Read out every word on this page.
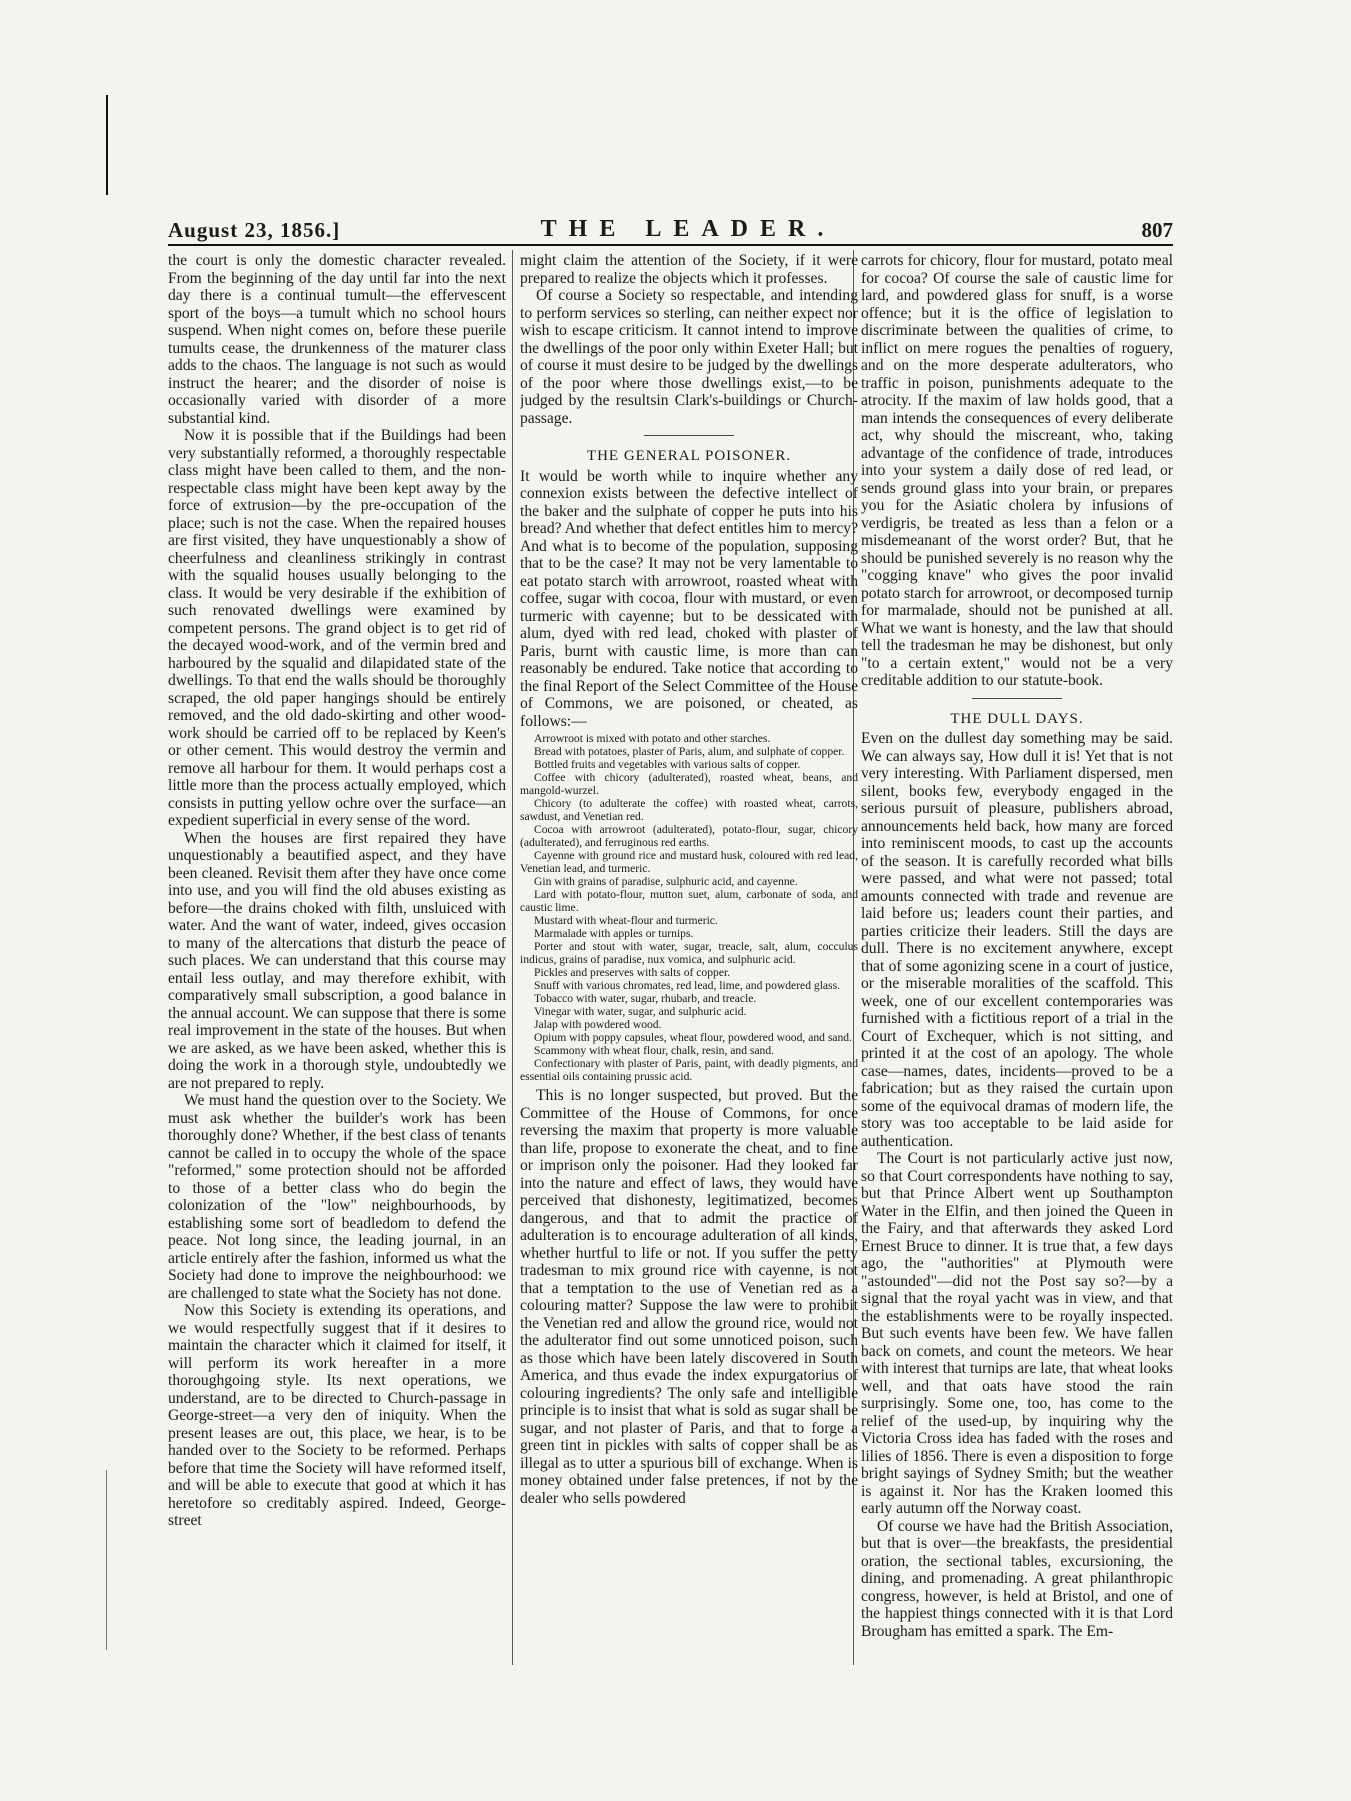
August 23, 1856.]	THE LEADER.	807

the court is only the domestic character revealed. From the beginning of the day until far into the next day there is a continual tumult—the effervescent sport of the boys—a tumult which no school hours suspend. When night comes on, before these puerile tumults cease, the drunkenness of the maturer class adds to the chaos. The language is not such as would instruct the hearer; and the disorder of noise is occasionally varied with disorder of a more substantial kind.

Now it is possible that if the Buildings had been very substantially reformed, a thoroughly respectable class might have been called to them, and the non-respectable class might have been kept away by the force of extrusion—by the pre-occupation of the place; such is not the case. When the repaired houses are first visited, they have unquestionably a show of cheerfulness and cleanliness strikingly in contrast with the squalid houses usually belonging to the class. It would be very desirable if the exhibition of such renovated dwellings were examined by competent persons. The grand object is to get rid of the decayed wood-work, and of the vermin bred and harboured by the squalid and dilapidated state of the dwellings. To that end the walls should be thoroughly scraped, the old paper hangings should be entirely removed, and the old dado-skirting and other wood-work should be carried off to be replaced by Keen's or other cement. This would destroy the vermin and remove all harbour for them. It would perhaps cost a little more than the process actually employed, which consists in putting yellow ochre over the surface—an expedient superficial in every sense of the word.

When the houses are first repaired they have unquestionably a beautified aspect, and they have been cleaned. Revisit them after they have once come into use, and you will find the old abuses existing as before—the drains choked with filth, unsluiced with water. And the want of water, indeed, gives occasion to many of the altercations that disturb the peace of such places. We can understand that this course may entail less outlay, and may therefore exhibit, with comparatively small subscription, a good balance in the annual account. We can suppose that there is some real improvement in the state of the houses. But when we are asked, as we have been asked, whether this is doing the work in a thorough style, undoubtedly we are not prepared to reply.

We must hand the question over to the Society. We must ask whether the builder's work has been thoroughly done? Whether, if the best class of tenants cannot be called in to occupy the whole of the space "reformed," some protection should not be afforded to those of a better class who do begin the colonization of the "low" neighbourhoods, by establishing some sort of beadledom to defend the peace. Not long since, the leading journal, in an article entirely after the fashion, informed us what the Society had done to improve the neighbourhood: we are challenged to state what the Society has not done.

Now this Society is extending its operations, and we would respectfully suggest that if it desires to maintain the character which it claimed for itself, it will perform its work hereafter in a more thoroughgoing style. Its next operations, we understand, are to be directed to Church-passage in George-street—a very den of iniquity. When the present leases are out, this place, we hear, is to be handed over to the Society to be reformed. Perhaps before that time the Society will have reformed itself, and will be able to execute that good at which it has heretofore so creditably aspired. Indeed, George-street

might claim the attention of the Society, if it were prepared to realize the objects which it professes.

Of course a Society so respectable, and intending to perform services so sterling, can neither expect nor wish to escape criticism. It cannot intend to improve the dwellings of the poor only within Exeter Hall; but of course it must desire to be judged by the dwellings of the poor where those dwellings exist,—to be judged by the resultsin Clark's-buildings or Church-passage.

THE GENERAL POISONER.

It would be worth while to inquire whether any connexion exists between the defective intellect of the baker and the sulphate of copper he puts into his bread? And whether that defect entitles him to mercy? And what is to become of the population, supposing that to be the case? It may not be very lamentable to eat potato starch with arrowroot, roasted wheat with coffee, sugar with cocoa, flour with mustard, or even turmeric with cayenne; but to be dessicated with alum, dyed with red lead, choked with plaster of Paris, burnt with caustic lime, is more than can reasonably be endured. Take notice that according to the final Report of the Select Committee of the House of Commons, we are poisoned, or cheated, as follows:—

Arrowroot is mixed with potato and other starches.

Bread with potatoes, plaster of Paris, alum, and sulphate of copper.

Bottled fruits and vegetables with various salts of copper.

Coffee with chicory (adulterated), roasted wheat, beans, and mangold-wurzel.

Chicory (to adulterate the coffee) with roasted wheat, carrots, sawdust, and Venetian red.

Cocoa with arrowroot (adulterated), potato-flour, sugar, chicory (adulterated), and ferruginous red earths.

Cayenne with ground rice and mustard husk, coloured with red lead, Venetian lead, and turmeric.

Gin with grains of paradise, sulphuric acid, and cayenne.

Lard with potato-flour, mutton suet, alum, carbonate of soda, and caustic lime.

Mustard with wheat-flour and turmeric.

Marmalade with apples or turnips.

Porter and stout with water, sugar, treacle, salt, alum, cocculus indicus, grains of paradise, nux vomica, and sulphuric acid.

Pickles and preserves with salts of copper.

Snuff with various chromates, red lead, lime, and powdered glass.

Tobacco with water, sugar, rhubarb, and treacle.

Vinegar with water, sugar, and sulphuric acid.

Jalap with powdered wood.

Opium with poppy capsules, wheat flour, powdered wood, and sand.

Scammony with wheat flour, chalk, resin, and sand.

Confectionary with plaster of Paris, paint, with deadly pigments, and essential oils containing prussic acid.

This is no longer suspected, but proved. But the Committee of the House of Commons, for once reversing the maxim that property is more valuable than life, propose to exonerate the cheat, and to fine or imprison only the poisoner. Had they looked far into the nature and effect of laws, they would have perceived that dishonesty, legitimatized, becomes dangerous, and that to admit the practice of adulteration is to encourage adulteration of all kinds, whether hurtful to life or not. If you suffer the petty tradesman to mix ground rice with cayenne, is not that a temptation to the use of Venetian red as a colouring matter? Suppose the law were to prohibit the Venetian red and allow the ground rice, would not the adulterator find out some unnoticed poison, such as those which have been lately discovered in South America, and thus evade the index expurgatorius of colouring ingredients? The only safe and intelligible principle is to insist that what is sold as sugar shall be sugar, and not plaster of Paris, and that to forge a green tint in pickles with salts of copper shall be as illegal as to utter a spurious bill of exchange. When is money obtained under false pretences, if not by the dealer who sells powdered

carrots for chicory, flour for mustard, potato meal for cocoa? Of course the sale of caustic lime for lard, and powdered glass for snuff, is a worse offence; but it is the office of legislation to discriminate between the qualities of crime, to inflict on mere rogues the penalties of roguery, and on the more desperate adulterators, who traffic in poison, punishments adequate to the atrocity. If the maxim of law holds good, that a man intends the consequences of every deliberate act, why should the miscreant, who, taking advantage of the confidence of trade, introduces into your system a daily dose of red lead, or sends ground glass into your brain, or prepares you for the Asiatic cholera by infusions of verdigris, be treated as less than a felon or a misdemeanant of the worst order? But, that he should be punished severely is no reason why the "cogging knave" who gives the poor invalid potato starch for arrowroot, or decomposed turnip for marmalade, should not be punished at all. What we want is honesty, and the law that should tell the tradesman he may be dishonest, but only "to a certain extent," would not be a very creditable addition to our statute-book.

THE DULL DAYS.

Even on the dullest day something may be said. We can always say, How dull it is! Yet that is not very interesting. With Parliament dispersed, men silent, books few, everybody engaged in the serious pursuit of pleasure, publishers abroad, announcements held back, how many are forced into reminiscent moods, to cast up the accounts of the season. It is carefully recorded what bills were passed, and what were not passed; total amounts connected with trade and revenue are laid before us; leaders count their parties, and parties criticize their leaders. Still the days are dull. There is no excitement anywhere, except that of some agonizing scene in a court of justice, or the miserable moralities of the scaffold. This week, one of our excellent contemporaries was furnished with a fictitious report of a trial in the Court of Exchequer, which is not sitting, and printed it at the cost of an apology. The whole case—names, dates, incidents—proved to be a fabrication; but as they raised the curtain upon some of the equivocal dramas of modern life, the story was too acceptable to be laid aside for authentication.

The Court is not particularly active just now, so that Court correspondents have nothing to say, but that Prince Albert went up Southampton Water in the Elfin, and then joined the Queen in the Fairy, and that afterwards they asked Lord Ernest Bruce to dinner. It is true that, a few days ago, the "authorities" at Plymouth were "astounded"—did not the Post say so?—by a signal that the royal yacht was in view, and that the establishments were to be royally inspected. But such events have been few. We have fallen back on comets, and count the meteors. We hear with interest that turnips are late, that wheat looks well, and that oats have stood the rain surprisingly. Some one, too, has come to the relief of the used-up, by inquiring why the Victoria Cross idea has faded with the roses and lilies of 1856. There is even a disposition to forge bright sayings of Sydney Smith; but the weather is against it. Nor has the Kraken loomed this early autumn off the Norway coast.

Of course we have had the British Association, but that is over—the breakfasts, the presidential oration, the sectional tables, excursioning, the dining, and promenading. A great philanthropic congress, however, is held at Bristol, and one of the happiest things connected with it is that Lord Brougham has emitted a spark. The Em-
